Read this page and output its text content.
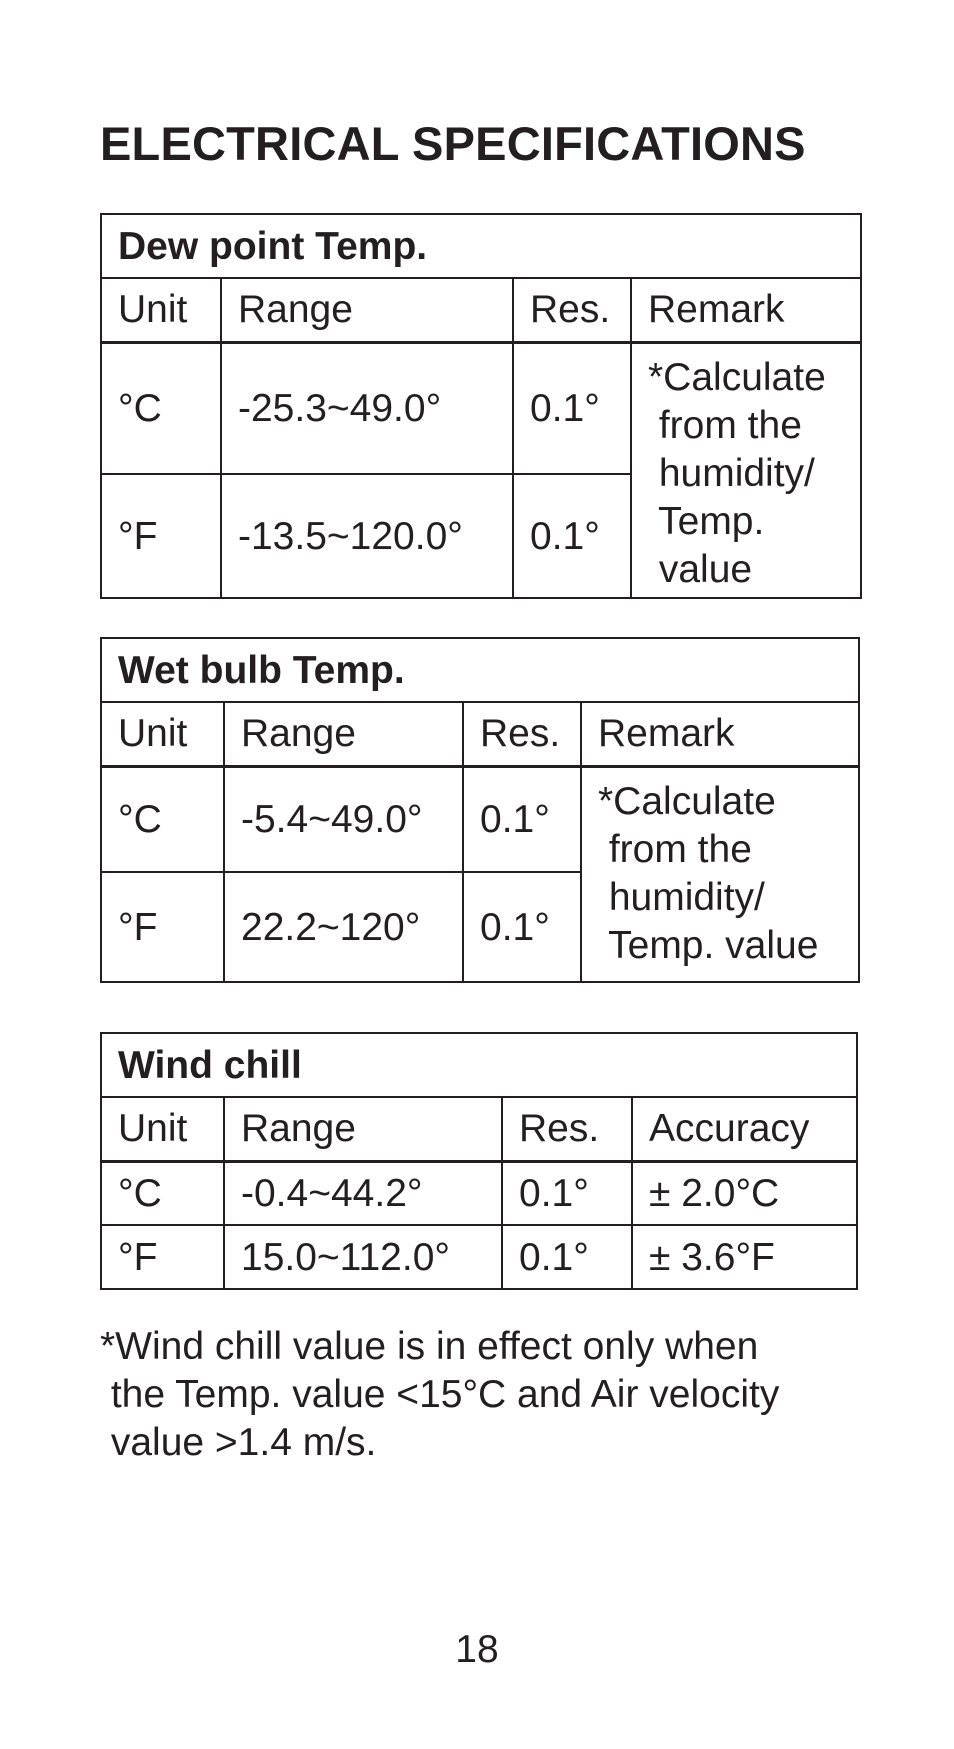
ELECTRICAL SPECIFICATIONS
Dew point Temp.			
Unit	Range	Res.	Remark
°C	-25.3~49.0°	0.1°	*Calculate
from the
humidity/
Temp.
value

°F	-13.5~120.0°	0.1°	
Wet bulb Temp.			
Unit	Range	Res.	Remark
°C	-5.4~49.0°	0.1°	*Calculate
from the
humidity/
Temp. value

°F	22.2~120°	0.1°	
Wind chill			
Unit	Range	Res.	Accuracy
°C	-0.4~44.2°	0.1°	± 2.0°C
°F	15.0~112.0°	0.1°	± 3.6°F

*Wind chill value is in effect only when
the Temp. value <15°C and Air velocity
value >1.4 m/s.

18
